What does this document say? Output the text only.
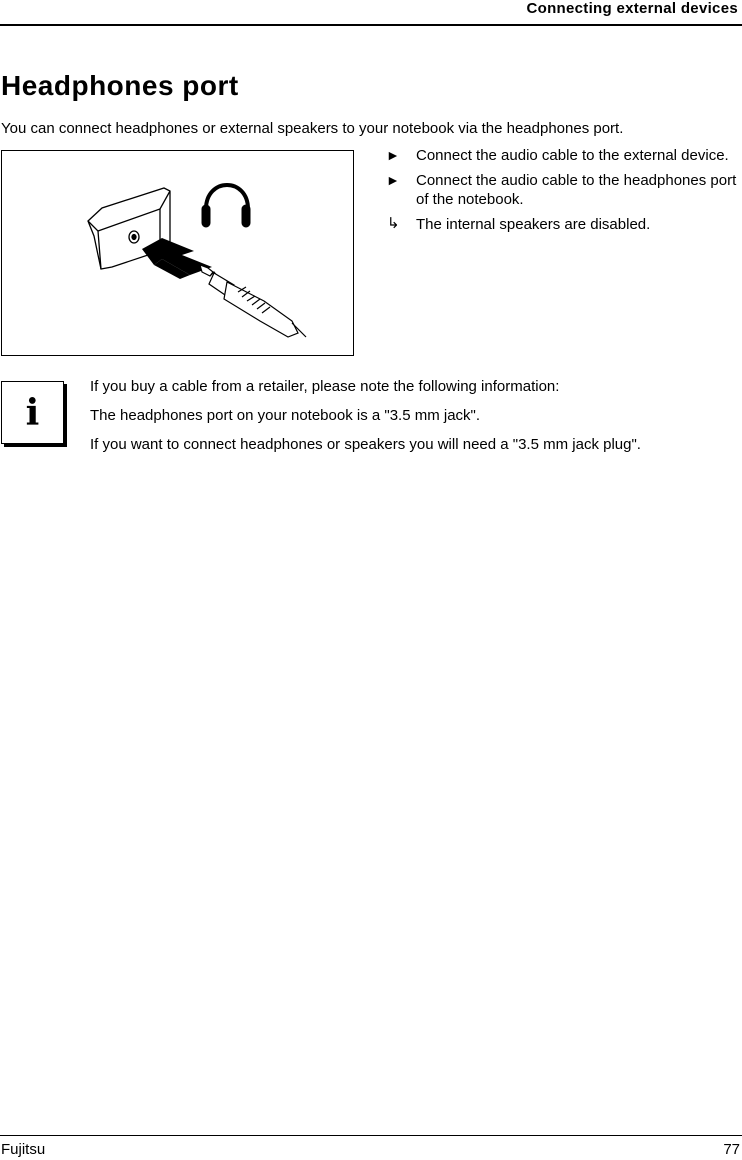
Connecting external devices
Headphones port
You can connect headphones or external speakers to your notebook via the headphones port.
► Connect the audio cable to the external device.
► Connect the audio cable to the headphones port of the notebook.
↳ The internal speakers are disabled.
i

If you buy a cable from a retailer, please note the following information:

The headphones port on your notebook is a "3.5 mm jack".

If you want to connect headphones or speakers you will need a "3.5 mm jack plug".

Fujitsu	77
